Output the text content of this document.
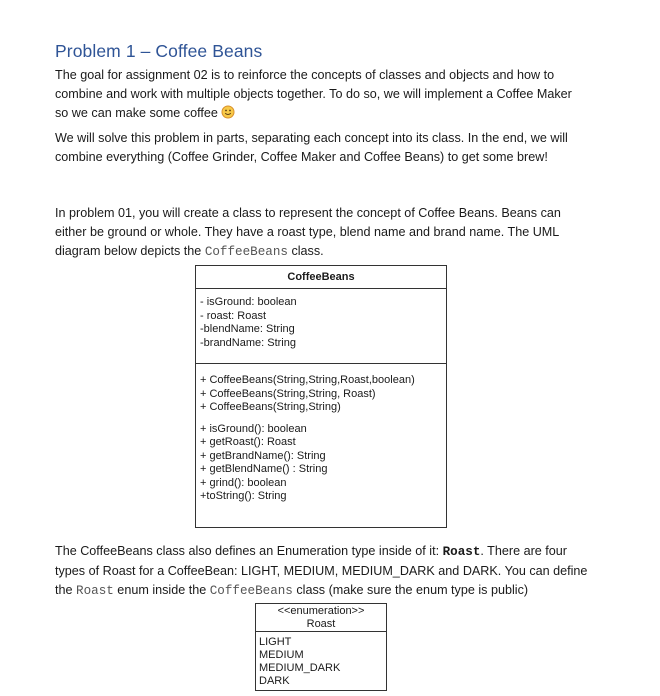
Problem 1 – Coffee Beans

The goal for assignment 02 is to reinforce the concepts of classes and objects and how to
combine and work with multiple objects together. To do so, we will implement a Coffee Maker
so we can make some coffee

We will solve this problem in parts, separating each concept into its class. In the end, we will
combine everything (Coffee Grinder, Coffee Maker and Coffee Beans) to get some brew!

In problem 01, you will create a class to represent the concept of Coffee Beans. Beans can
either be ground or whole. They have a roast type, blend name and brand name. The UML
diagram below depicts the CoffeeBeans class.

CoffeeBeans
- isGround: boolean
- roast: Roast
-blendName: String
-brandName: String
+ CoffeeBeans(String,String,Roast,boolean)
+ CoffeeBeans(String,String, Roast)
+ CoffeeBeans(String,String)
+ isGround(): boolean
+ getRoast(): Roast
+ getBrandName(): String
+ getBlendName() : String
+ grind(): boolean
+toString(): String

The CoffeeBeans class also defines an Enumeration type inside of it: Roast. There are four
types of Roast for a CoffeeBean: LIGHT, MEDIUM, MEDIUM_DARK and DARK. You can define
the Roast enum inside the CoffeeBeans class (make sure the enum type is public)

<<enumeration>>
Roast
LIGHT
MEDIUM
MEDIUM_DARK
DARK
